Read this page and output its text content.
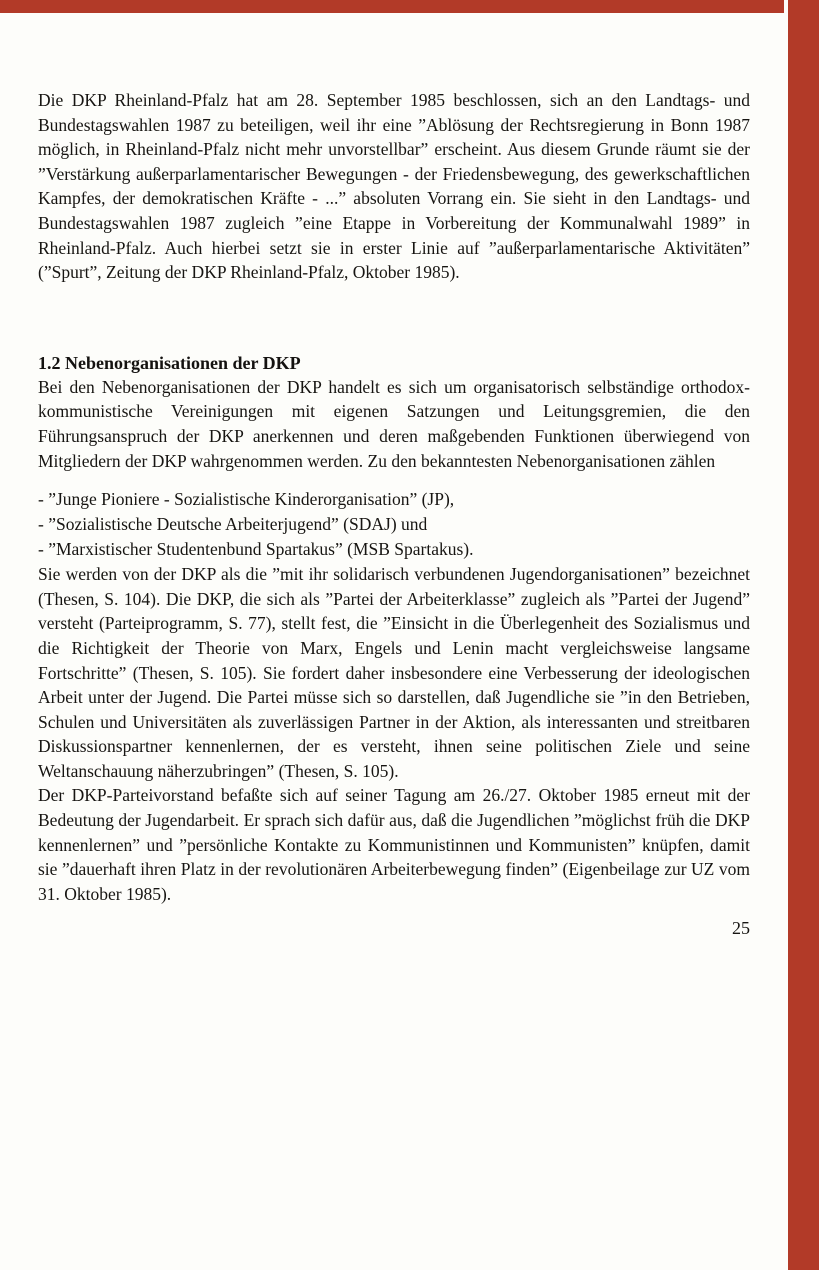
Die DKP Rheinland-Pfalz hat am 28. September 1985 beschlossen, sich an den Landtags- und Bundestagswahlen 1987 zu beteiligen, weil ihr eine ”Ablösung der Rechtsregierung in Bonn 1987 möglich, in Rheinland-Pfalz nicht mehr unvorstellbar” erscheint. Aus diesem Grunde räumt sie der ”Verstärkung außerparlamentarischer Bewegungen - der Friedensbewegung, des gewerkschaftlichen Kampfes, der demokratischen Kräfte - ...” absoluten Vorrang ein. Sie sieht in den Landtags- und Bundestagswahlen 1987 zugleich ”eine Etappe in Vorbereitung der Kommunalwahl 1989” in Rheinland-Pfalz. Auch hierbei setzt sie in erster Linie auf ”außerparlamentarische Aktivitäten” (”Spurt”, Zeitung der DKP Rheinland-Pfalz, Oktober 1985).

1.2 Nebenorganisationen der DKP

Bei den Nebenorganisationen der DKP handelt es sich um organisatorisch selbständige orthodox-kommunistische Vereinigungen mit eigenen Satzungen und Leitungsgremien, die den Führungsanspruch der DKP anerkennen und deren maßgebenden Funktionen überwiegend von Mitgliedern der DKP wahrgenommen werden. Zu den bekanntesten Nebenorganisationen zählen

- ”Junge Pioniere - Sozialistische Kinderorganisation” (JP),

- ”Sozialistische Deutsche Arbeiterjugend” (SDAJ) und

- ”Marxistischer Studentenbund Spartakus” (MSB Spartakus).

Sie werden von der DKP als die ”mit ihr solidarisch verbundenen Jugendorganisationen” bezeichnet (Thesen, S. 104). Die DKP, die sich als ”Partei der Arbeiterklasse” zugleich als ”Partei der Jugend” versteht (Parteiprogramm, S. 77), stellt fest, die ”Einsicht in die Überlegenheit des Sozialismus und die Richtigkeit der Theorie von Marx, Engels und Lenin macht vergleichsweise langsame Fortschritte” (Thesen, S. 105). Sie fordert daher insbesondere eine Verbesserung der ideologischen Arbeit unter der Jugend. Die Partei müsse sich so darstellen, daß Jugendliche sie ”in den Betrieben, Schulen und Universitäten als zuverlässigen Partner in der Aktion, als interessanten und streitbaren Diskussionspartner kennenlernen, der es versteht, ihnen seine politischen Ziele und seine Weltanschauung näherzubringen” (Thesen, S. 105).

Der DKP-Parteivorstand befaßte sich auf seiner Tagung am 26./27. Oktober 1985 erneut mit der Bedeutung der Jugendarbeit. Er sprach sich dafür aus, daß die Jugendlichen ”möglichst früh die DKP kennenlernen” und ”persönliche Kontakte zu Kommunistinnen und Kommunisten” knüpfen, damit sie ”dauerhaft ihren Platz in der revolutionären Arbeiterbewegung finden” (Eigenbeilage zur UZ vom 31. Oktober 1985).

25
